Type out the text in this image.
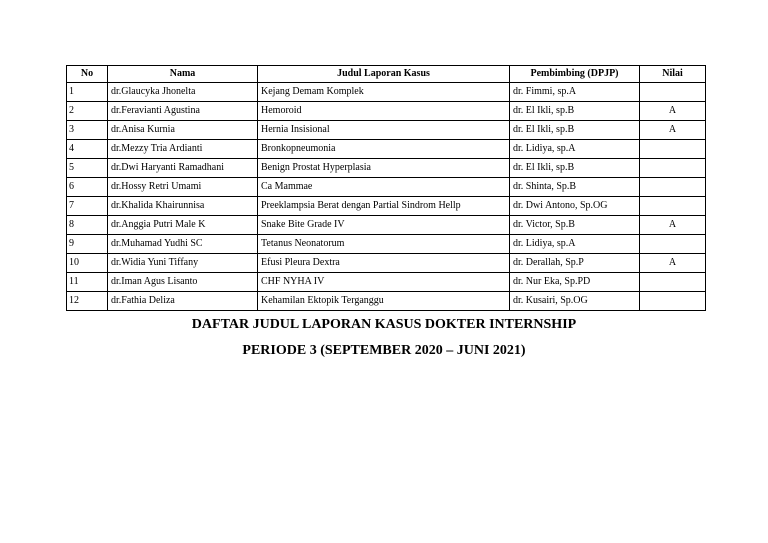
No	Nama	Judul Laporan Kasus	Pembimbing (DPJP)	Nilai
1	dr.Glaucyka Jhonelta	Kejang Demam Komplek	dr. Fimmi, sp.A	
2	dr.Feravianti Agustina	Hemoroid	dr. El Ikli, sp.B	A
3	dr.Anisa Kurnia	Hernia Insisional	dr. El Ikli, sp.B	A
4	dr.Mezzy Tria Ardianti	Bronkopneumonia	dr. Lidiya, sp.A	
5	dr.Dwi Haryanti Ramadhani	Benign Prostat Hyperplasia	dr. El Ikli, sp.B	
6	dr.Hossy Retri Umami	Ca Mammae	dr. Shinta, Sp.B	
7	dr.Khalida Khairunnisa	Preeklampsia Berat dengan Partial Sindrom Hellp	dr. Dwi Antono, Sp.OG	
8	dr.Anggia Putri Male K	Snake Bite Grade IV	dr. Victor, Sp.B	A
9	dr.Muhamad Yudhi SC	Tetanus Neonatorum	dr. Lidiya, sp.A	
10	dr.Widia Yuni Tiffany	Efusi Pleura Dextra	dr. Derallah, Sp.P	A
11	dr.Iman Agus Lisanto	CHF NYHA IV	dr. Nur Eka, Sp.PD	
12	dr.Fathia Deliza	Kehamilan Ektopik Terganggu	dr. Kusairi, Sp.OG	
DAFTAR JUDUL LAPORAN KASUS DOKTER INTERNSHIP
PERIODE 3 (SEPTEMBER 2020 – JUNI 2021)
